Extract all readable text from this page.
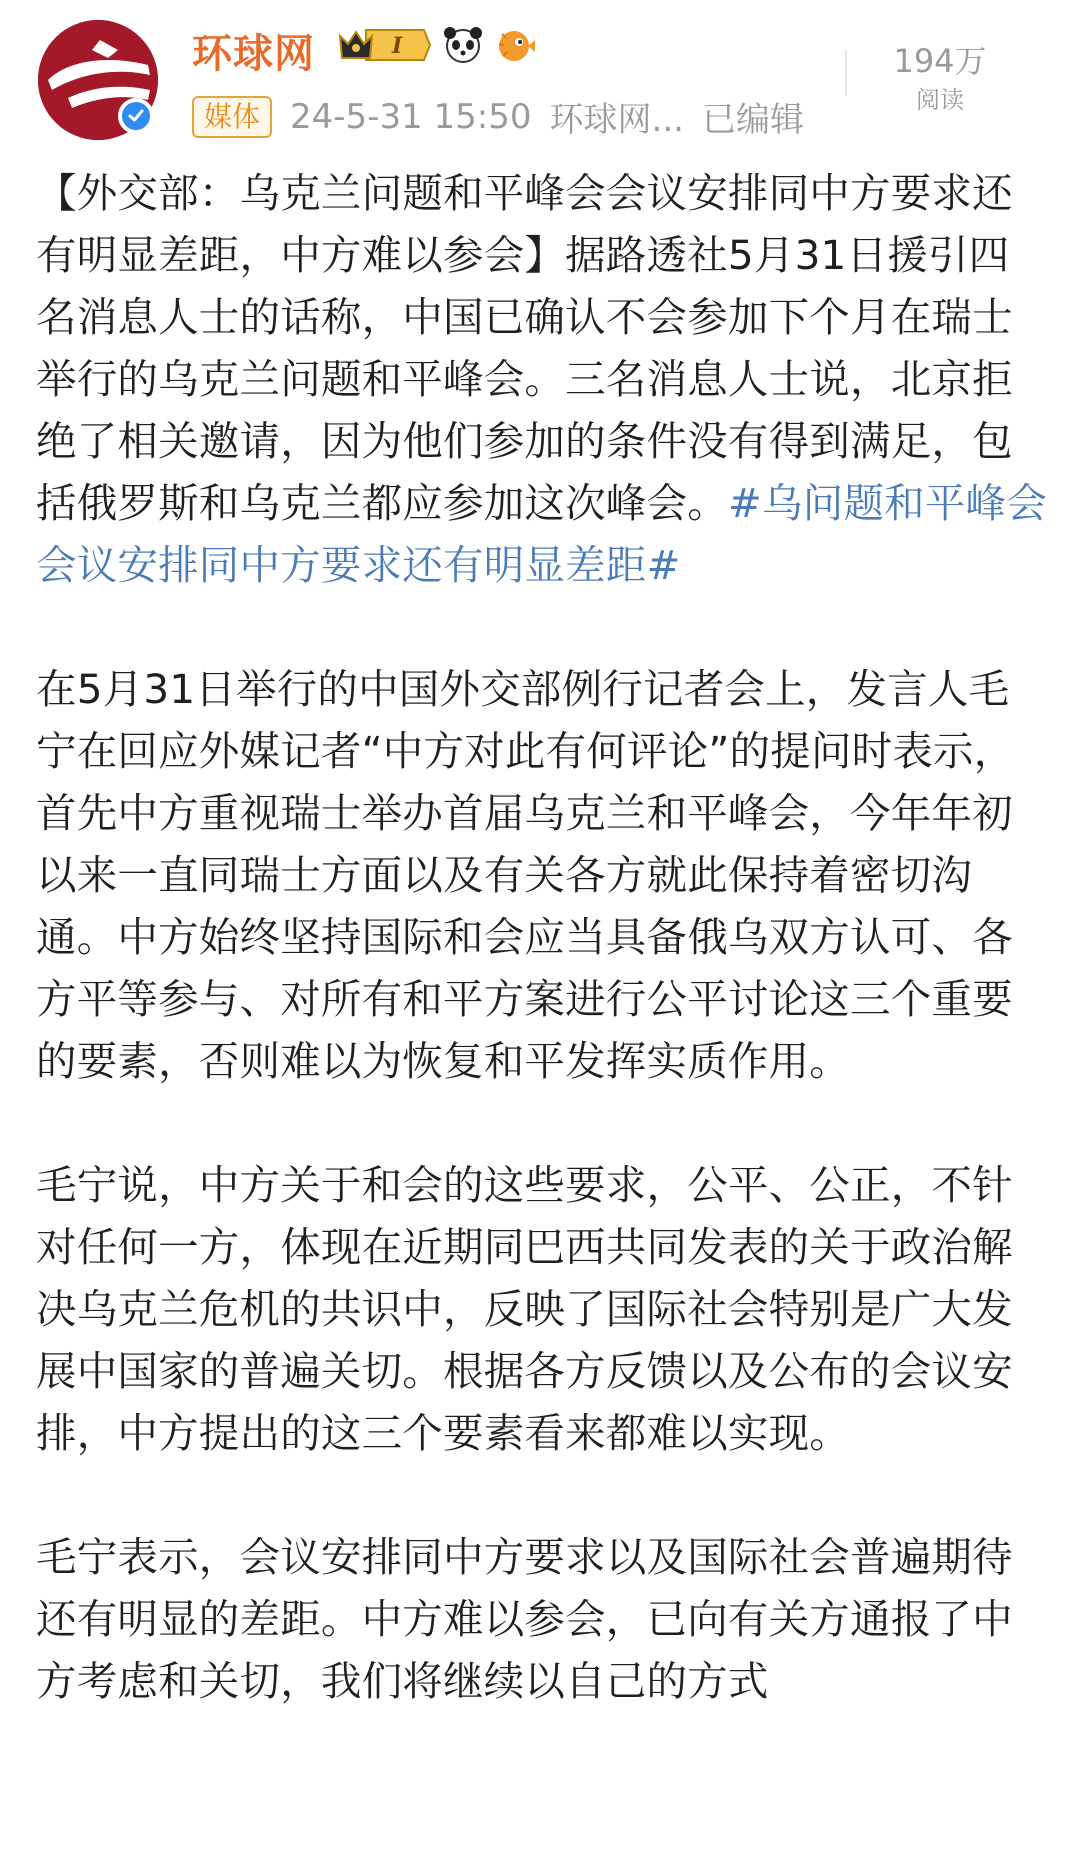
环球网	I
媒体 24-5-31 15:50 环球网... 已编辑
194万
阅读

【外交部：乌克兰问题和平峰会会议安排同中方要求还有明显差距，中方难以参会】据路透社5月31日援引四名消息人士的话称，中国已确认不会参加下个月在瑞士举行的乌克兰问题和平峰会。三名消息人士说，北京拒绝了相关邀请，因为他们参加的条件没有得到满足，包括俄罗斯和乌克兰都应参加这次峰会。#乌问题和平峰会会议安排同中方要求还有明显差距#

在5月31日举行的中国外交部例行记者会上，发言人毛宁在回应外媒记者“中方对此有何评论”的提问时表示，首先中方重视瑞士举办首届乌克兰和平峰会，今年年初以来一直同瑞士方面以及有关各方就此保持着密切沟通。中方始终坚持国际和会应当具备俄乌双方认可、各方平等参与、对所有和平方案进行公平讨论这三个重要的要素，否则难以为恢复和平发挥实质作用。

毛宁说，中方关于和会的这些要求，公平、公正，不针对任何一方，体现在近期同巴西共同发表的关于政治解决乌克兰危机的共识中，反映了国际社会特别是广大发展中国家的普遍关切。根据各方反馈以及公布的会议安排，中方提出的这三个要素看来都难以实现。

毛宁表示，会议安排同中方要求以及国际社会普遍期待还有明显的差距。中方难以参会，已向有关方通报了中方考虑和关切，我们将继续以自己的方式
